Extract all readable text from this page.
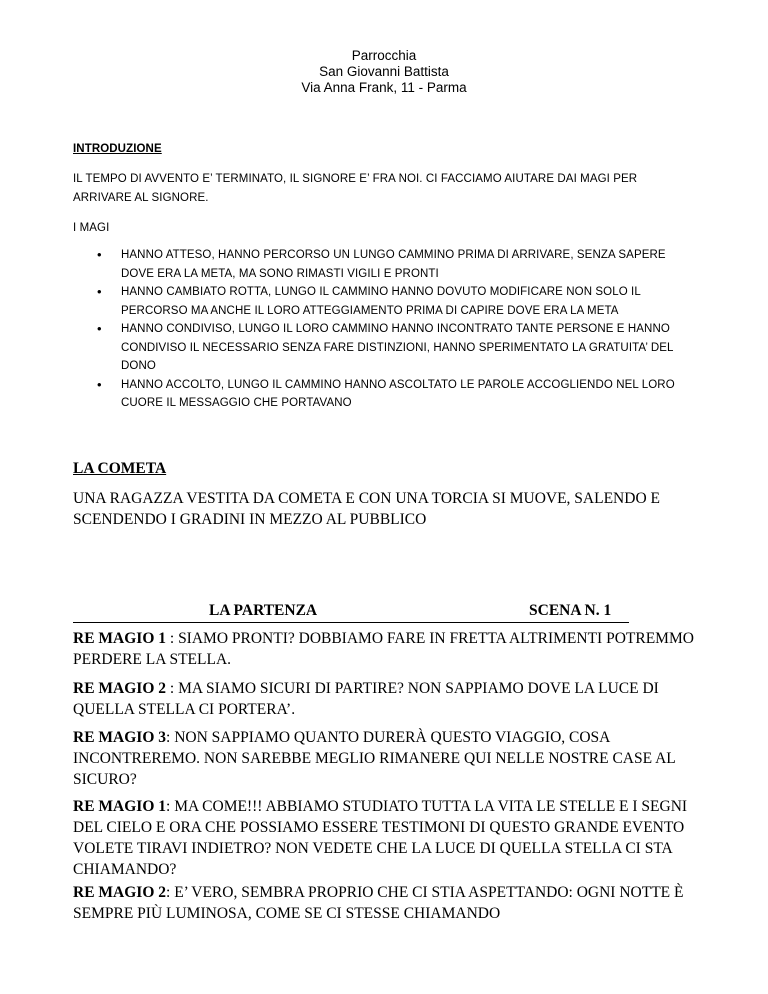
Parrocchia
San Giovanni Battista
Via Anna Frank, 11 - Parma
INTRODUZIONE
IL TEMPO DI AVVENTO E’ TERMINATO, IL SIGNORE E’ FRA NOI. CI FACCIAMO AIUTARE DAI MAGI PER ARRIVARE AL SIGNORE.
I MAGI
• HANNO ATTESO, HANNO PERCORSO UN LUNGO CAMMINO PRIMA DI ARRIVARE, SENZA SAPERE DOVE ERA LA META, MA SONO RIMASTI VIGILI E PRONTI
• HANNO CAMBIATO ROTTA, LUNGO IL CAMMINO HANNO DOVUTO MODIFICARE NON SOLO IL PERCORSO MA ANCHE IL LORO ATTEGGIAMENTO PRIMA DI CAPIRE DOVE ERA LA META
• HANNO CONDIVISO, LUNGO IL LORO CAMMINO HANNO INCONTRATO TANTE PERSONE E HANNO CONDIVISO IL NECESSARIO SENZA FARE DISTINZIONI, HANNO SPERIMENTATO LA GRATUITA’ DEL DONO
• HANNO ACCOLTO, LUNGO IL CAMMINO HANNO ASCOLTATO LE PAROLE ACCOGLIENDO NEL LORO CUORE IL MESSAGGIO CHE PORTAVANO
LA COMETA
UNA RAGAZZA VESTITA DA COMETA E CON UNA TORCIA SI MUOVE, SALENDO E SCENDENDO I GRADINI IN MEZZO AL PUBBLICO
LA PARTENZA	SCENA N. 1

RE MAGIO 1 : SIAMO PRONTI? DOBBIAMO FARE IN FRETTA ALTRIMENTI POTREMMO PERDERE LA STELLA.

RE MAGIO 2 : MA SIAMO SICURI DI PARTIRE? NON SAPPIAMO DOVE LA LUCE DI QUELLA STELLA CI PORTERA’.

RE MAGIO 3: NON SAPPIAMO QUANTO DURERÀ QUESTO VIAGGIO, COSA INCONTREREMO. NON SAREBBE MEGLIO RIMANERE QUI NELLE NOSTRE CASE AL SICURO?

RE MAGIO 1: MA COME!!! ABBIAMO STUDIATO TUTTA LA VITA LE STELLE E I SEGNI DEL CIELO E ORA CHE POSSIAMO ESSERE TESTIMONI DI QUESTO GRANDE EVENTO VOLETE TIRAVI INDIETRO? NON VEDETE CHE LA LUCE DI QUELLA STELLA CI STA CHIAMANDO?

RE MAGIO 2: E’ VERO, SEMBRA PROPRIO CHE CI STIA ASPETTANDO: OGNI NOTTE È SEMPRE PIÙ LUMINOSA, COME SE CI STESSE CHIAMANDO
